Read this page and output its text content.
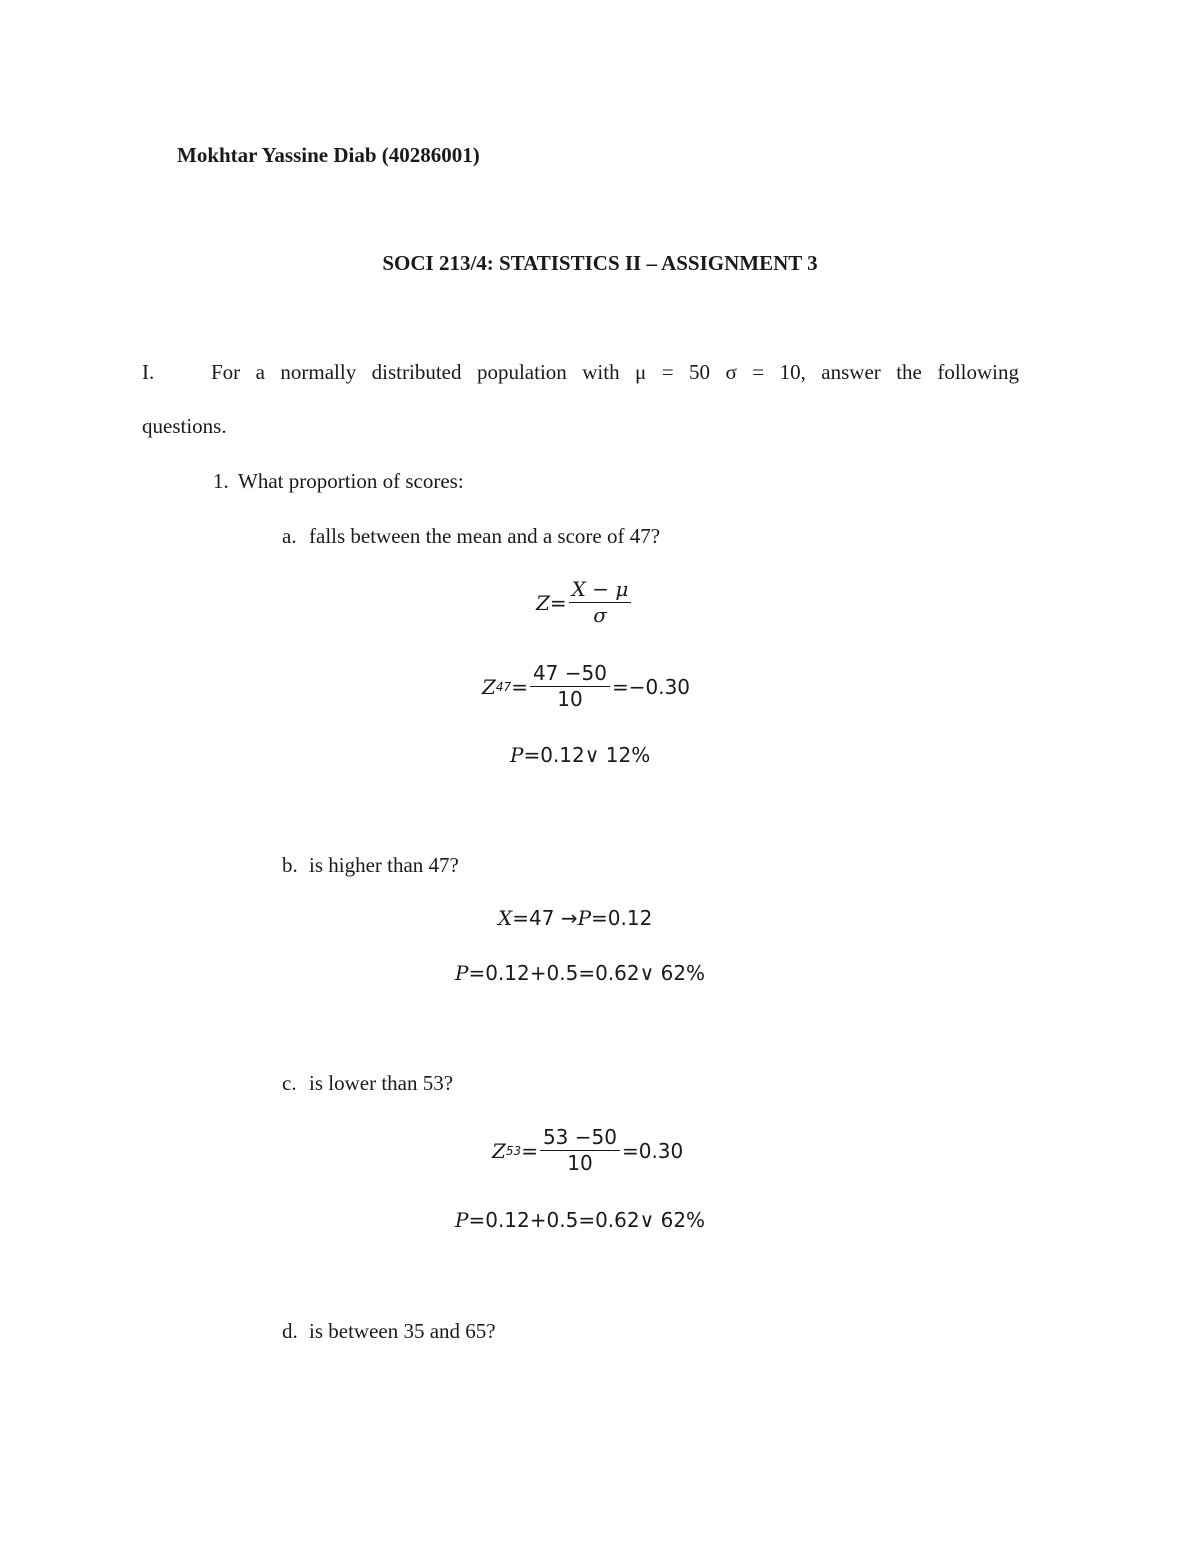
Mokhtar Yassine Diab (40286001)
SOCI 213/4: STATISTICS II – ASSIGNMENT 3
I.	For a normally distributed population with μ = 50 σ = 10, answer the following
questions.
1. What proportion of scores:
a. falls between the mean and a score of 47?
$Z = \frac{X - \mu}{\sigma}$
Z $47 = \frac{47 -50}{10} =-0.30$
P =0.12∨ 12%
b. is higher than 47?
X =47 → P =0.12
P =0.12+0.5=0.62∨ 62%
c. is lower than 53?
Z $53 = \frac{53 -50}{10} =0.30$
P =0.12+0.5=0.62∨ 62%
d. is between 35 and 65?
